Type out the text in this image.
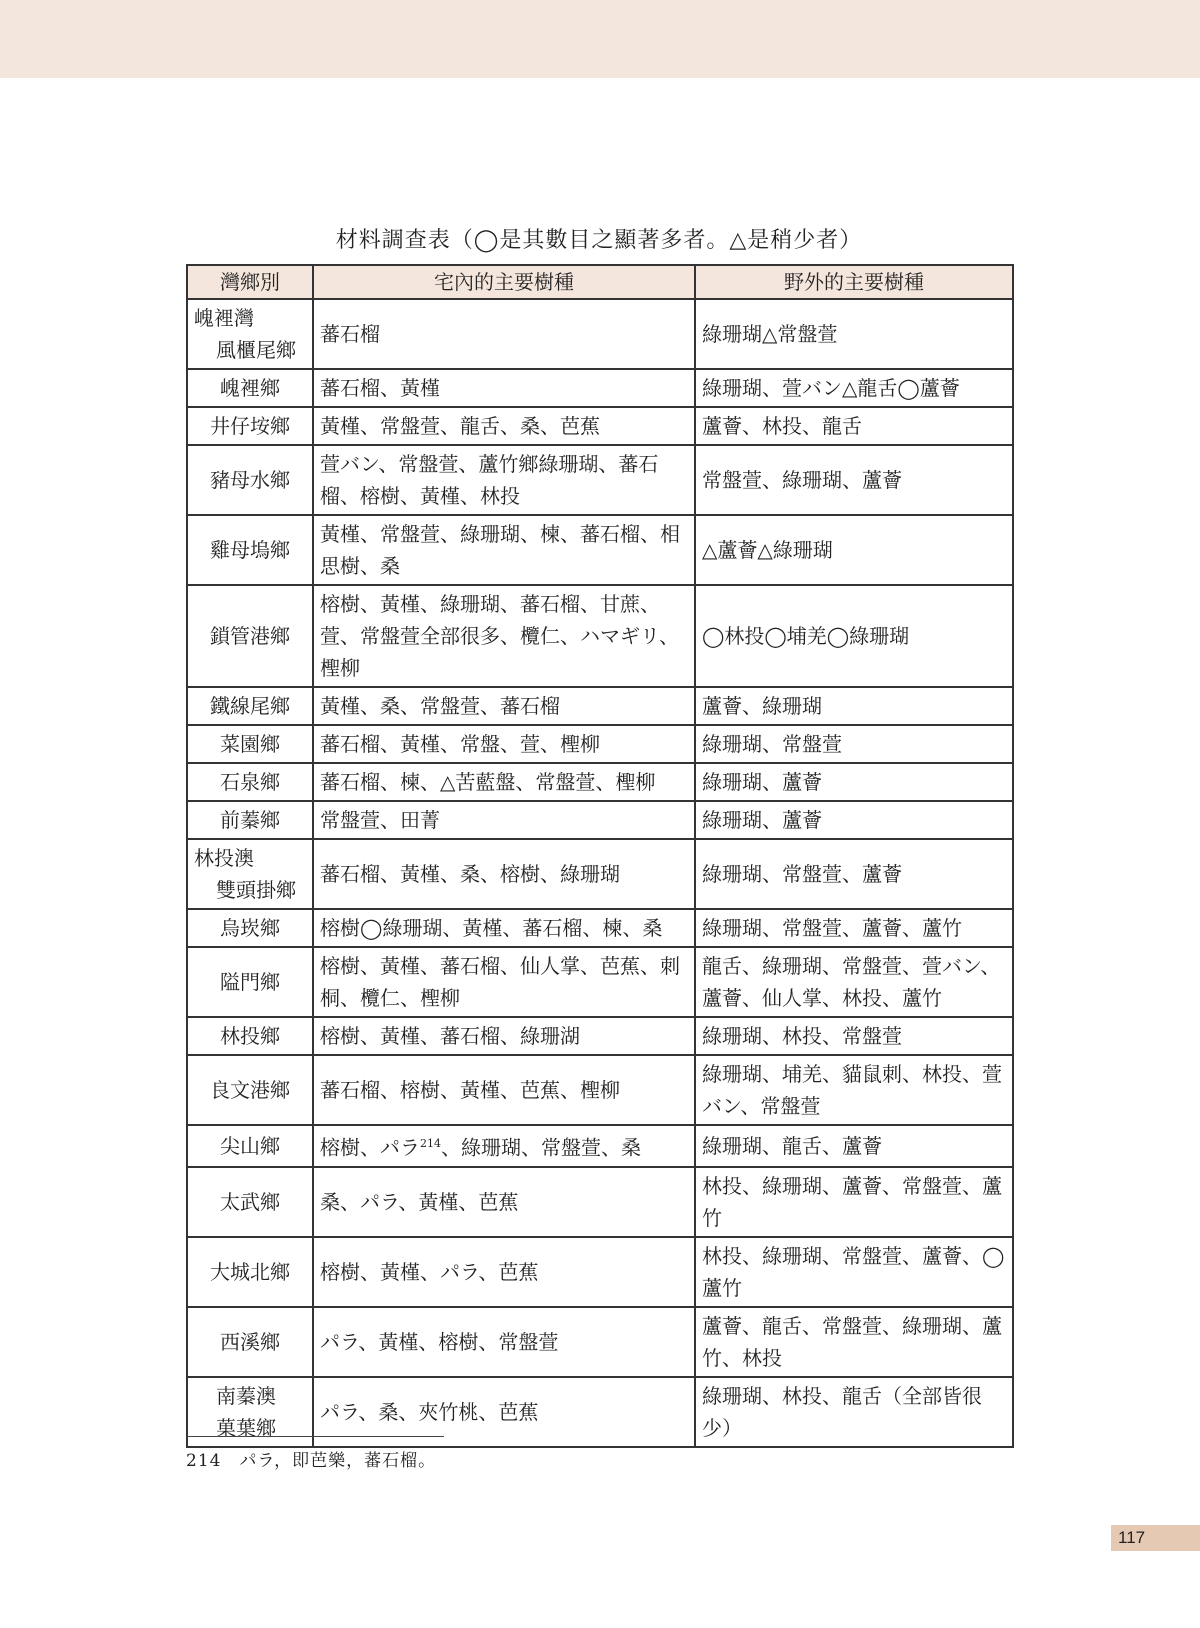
材料調查表（◯是其數目之顯著多者。△是稍少者）
灣鄉別	宅內的主要樹種	野外的主要樹種

㟴裡灣
風櫃尾鄉	蕃石榴	綠珊瑚△常盤萱
㟴裡鄉	蕃石榴、黃槿	綠珊瑚、萱バン△龍舌◯蘆薈
井仔垵鄉	黃槿、常盤萱、龍舌、桑、芭蕉	蘆薈、林投、龍舌
豬母水鄉	萱バン、常盤萱、蘆竹鄉綠珊瑚、蕃石榴、榕樹、黃槿、林投	常盤萱、綠珊瑚、蘆薈
雞母塢鄉	黃槿、常盤萱、綠珊瑚、楝、蕃石榴、相思樹、桑	△蘆薈△綠珊瑚
鎖管港鄉	榕樹、黃槿、綠珊瑚、蕃石榴、甘蔗、萱、常盤萱全部很多、欖仁、ハマギリ、檉柳	◯林投◯埔羌◯綠珊瑚
鐵線尾鄉	黃槿、桑、常盤萱、蕃石榴	蘆薈、綠珊瑚
菜園鄉	蕃石榴、黃槿、常盤、萱、檉柳	綠珊瑚、常盤萱
石泉鄉	蕃石榴、楝、△苦藍盤、常盤萱、檉柳	綠珊瑚、蘆薈
前蓁鄉	常盤萱、田菁	綠珊瑚、蘆薈

林投澳
雙頭掛鄉	蕃石榴、黃槿、桑、榕樹、綠珊瑚	綠珊瑚、常盤萱、蘆薈
烏崁鄉	榕樹◯綠珊瑚、黃槿、蕃石榴、楝、桑	綠珊瑚、常盤萱、蘆薈、蘆竹
隘門鄉	榕樹、黃槿、蕃石榴、仙人掌、芭蕉、刺桐、欖仁、檉柳	龍舌、綠珊瑚、常盤萱、萱バン、蘆薈、仙人掌、林投、蘆竹
林投鄉	榕樹、黃槿、蕃石榴、綠珊湖	綠珊瑚、林投、常盤萱
良文港鄉	蕃石榴、榕樹、黃槿、芭蕉、檉柳	綠珊瑚、埔羌、貓鼠刺、林投、萱バン、常盤萱
尖山鄉	榕樹、パラ$^{214}$、綠珊瑚、常盤萱、桑	綠珊瑚、龍舌、蘆薈
太武鄉	桑、パラ、黃槿、芭蕉	林投、綠珊瑚、蘆薈、常盤萱、蘆竹
大城北鄉	榕樹、黃槿、パラ、芭蕉	林投、綠珊瑚、常盤萱、蘆薈、◯蘆竹
西溪鄉	パラ、黃槿、榕樹、常盤萱	蘆薈、龍舌、常盤萱、綠珊瑚、蘆竹、林投

南蓁澳
菓葉鄉	パラ、桑、夾竹桃、芭蕉	綠珊瑚、林投、龍舌（全部皆很少）
214　パラ，即芭樂，蕃石榴。
117
